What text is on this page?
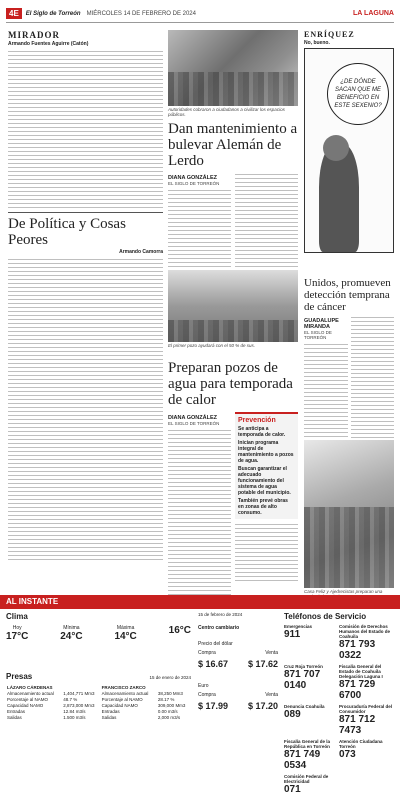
4E	El Siglo de Torreón MIÉRCOLES 14 DE FEBRERO DE 2024	LA LAGUNA
MIRADOR
Armando Fuentes Aguirre (Catón)
De Política y Cosas Peores
Armando Camorra
Autoridades cobraron a ciudadanos a civilizar los espacios públicos.
Dan mantenimiento a bulevar Alemán de Lerdo
DIANA GONZÁLEZ
EL SIGLO DE TORREÓN
ENRÍQUEZ
No, bueno.
¿DE DÓNDE SACAN QUE ME BENEFICIO EN ESTE SEXENIO?
Unidos, promueven detección temprana de cáncer
GUADALUPE MIRANDA
EL SIGLO DE TORREÓN
El primer pozo ayudará con el 50 % de sus.
Preparan pozos de agua para temporada de calor
DIANA GONZÁLEZ
EL SIGLO DE TORREÓN	Prevención

Se anticipa a temporada de calor.

Inician programa integral de mantenimiento a pozos de agua.

Buscan garantizar el adecuado funcionamiento del sistema de agua potable del municipio.

También prevé obras en zonas de alto consumo.

Casa Feliz y Ajedrecistas preparan una
AL INSTANTE
Clima
Hoy
17°C
Mínima
24°C
Máxima
14°C
16°C
Presas	15 de enero de 2024
LÁZARO CÁRDENAS		FRANCISCO ZARCO	
Almacenamiento actual	1,404,771 Mm3	Almacenamiento actual	38,250 Mm3
Porcentaje al NAMO	48.7 %	Porcentaje al NAMO	28.17 %
Capacidad NAMO	2,873,000 Mm3	Capacidad NAMO	309,000 Mm3
Entradas	12.84 m3/s	Entradas	0.00 m3/s
Salidas	1.500 m3/s	Salidas	2,000 m3/s
15 de febrero de 2024
Centro cambiario
Precio del dólar
Compra	Venta
$ 16.67 $ 17.62
Euro
Compra	Venta
$ 17.99 $ 17.20
Teléfonos de Servicio
Emergencias
911
Comisión de Derechos Humanos del Estado de Coahuila
871 793 0322
Cruz Roja Torreón
871 707 0140
Fiscalía General del Estado de Coahuila Delegación Laguna I
871 729 6700
Denuncia Coahuila
089
Procuraduría Federal del Consumidor
871 712 7473
Fiscalía General de la República en Torreón
871 749 0534
Atención Ciudadana Torreón
073
Comisión Federal de Electricidad
071
